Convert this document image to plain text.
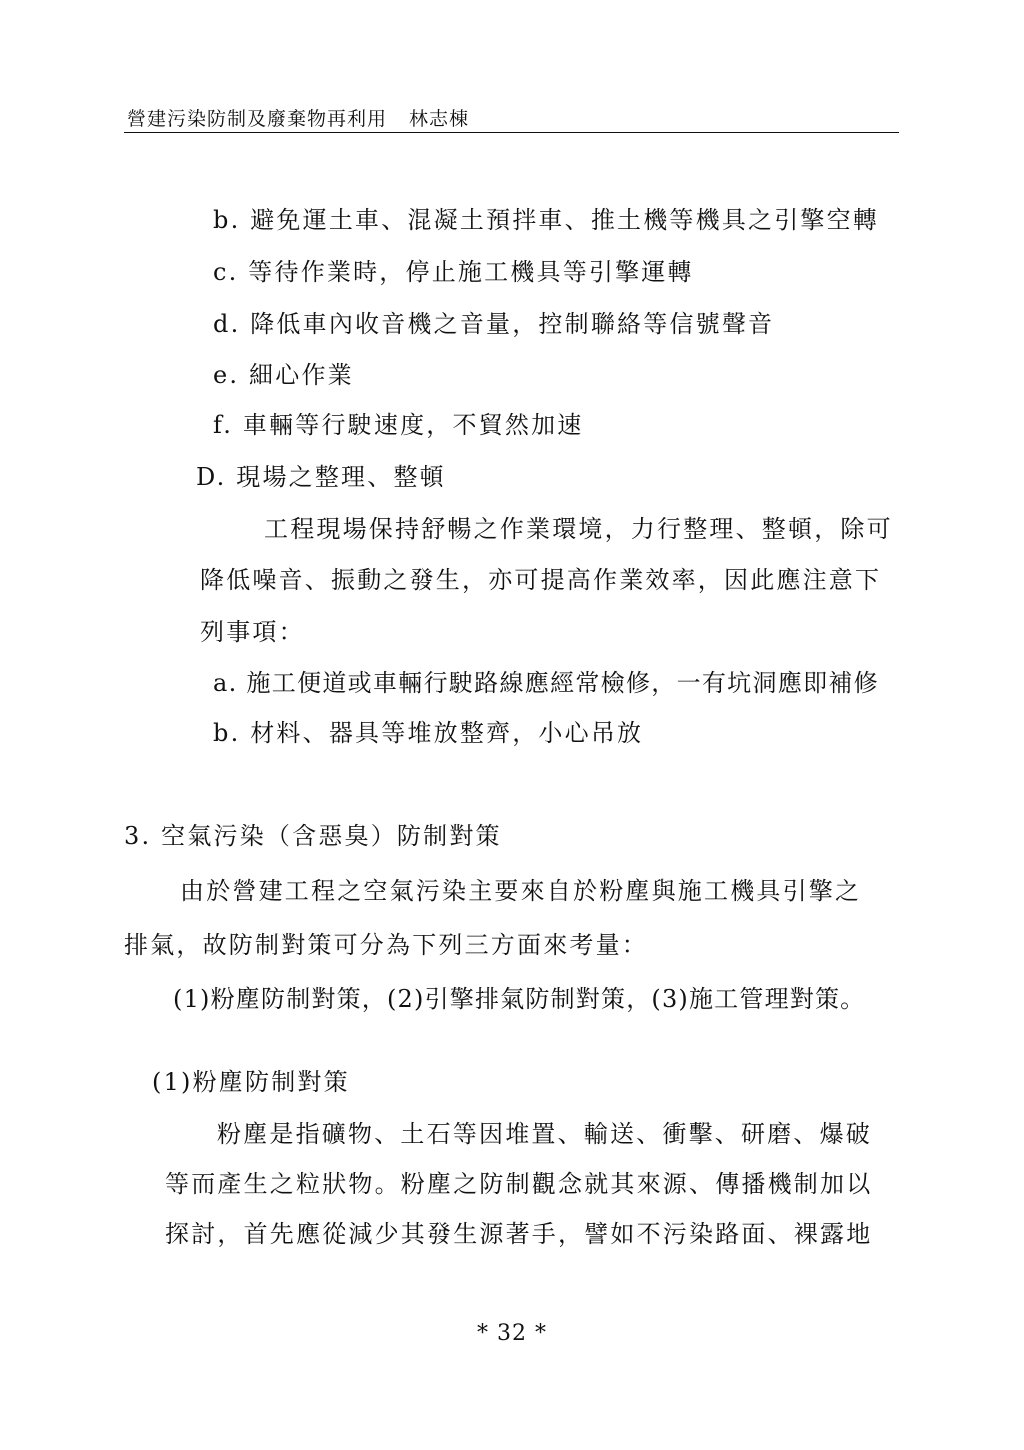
營建污染防制及廢棄物再利用 林志棟
b. 避免運土車、混凝土預拌車、推土機等機具之引擎空轉
c. 等待作業時，停止施工機具等引擎運轉
d. 降低車內收音機之音量，控制聯絡等信號聲音
e. 細心作業
f. 車輛等行駛速度，不貿然加速
D. 現場之整理、整頓
工程現場保持舒暢之作業環境，力行整理、整頓，除可
降低噪音、振動之發生，亦可提高作業效率，因此應注意下
列事項：
a. 施工便道或車輛行駛路線應經常檢修，一有坑洞應即補修
b. 材料、器具等堆放整齊，小心吊放
3. 空氣污染（含惡臭）防制對策
由於營建工程之空氣污染主要來自於粉塵與施工機具引擎之
排氣，故防制對策可分為下列三方面來考量：
(1)粉塵防制對策，(2)引擎排氣防制對策，(3)施工管理對策。
(1)粉塵防制對策
粉塵是指礦物、土石等因堆置、輸送、衝擊、研磨、爆破
等而產生之粒狀物。粉塵之防制觀念就其來源、傳播機制加以
探討，首先應從減少其發生源著手，譬如不污染路面、裸露地
* 32 *
